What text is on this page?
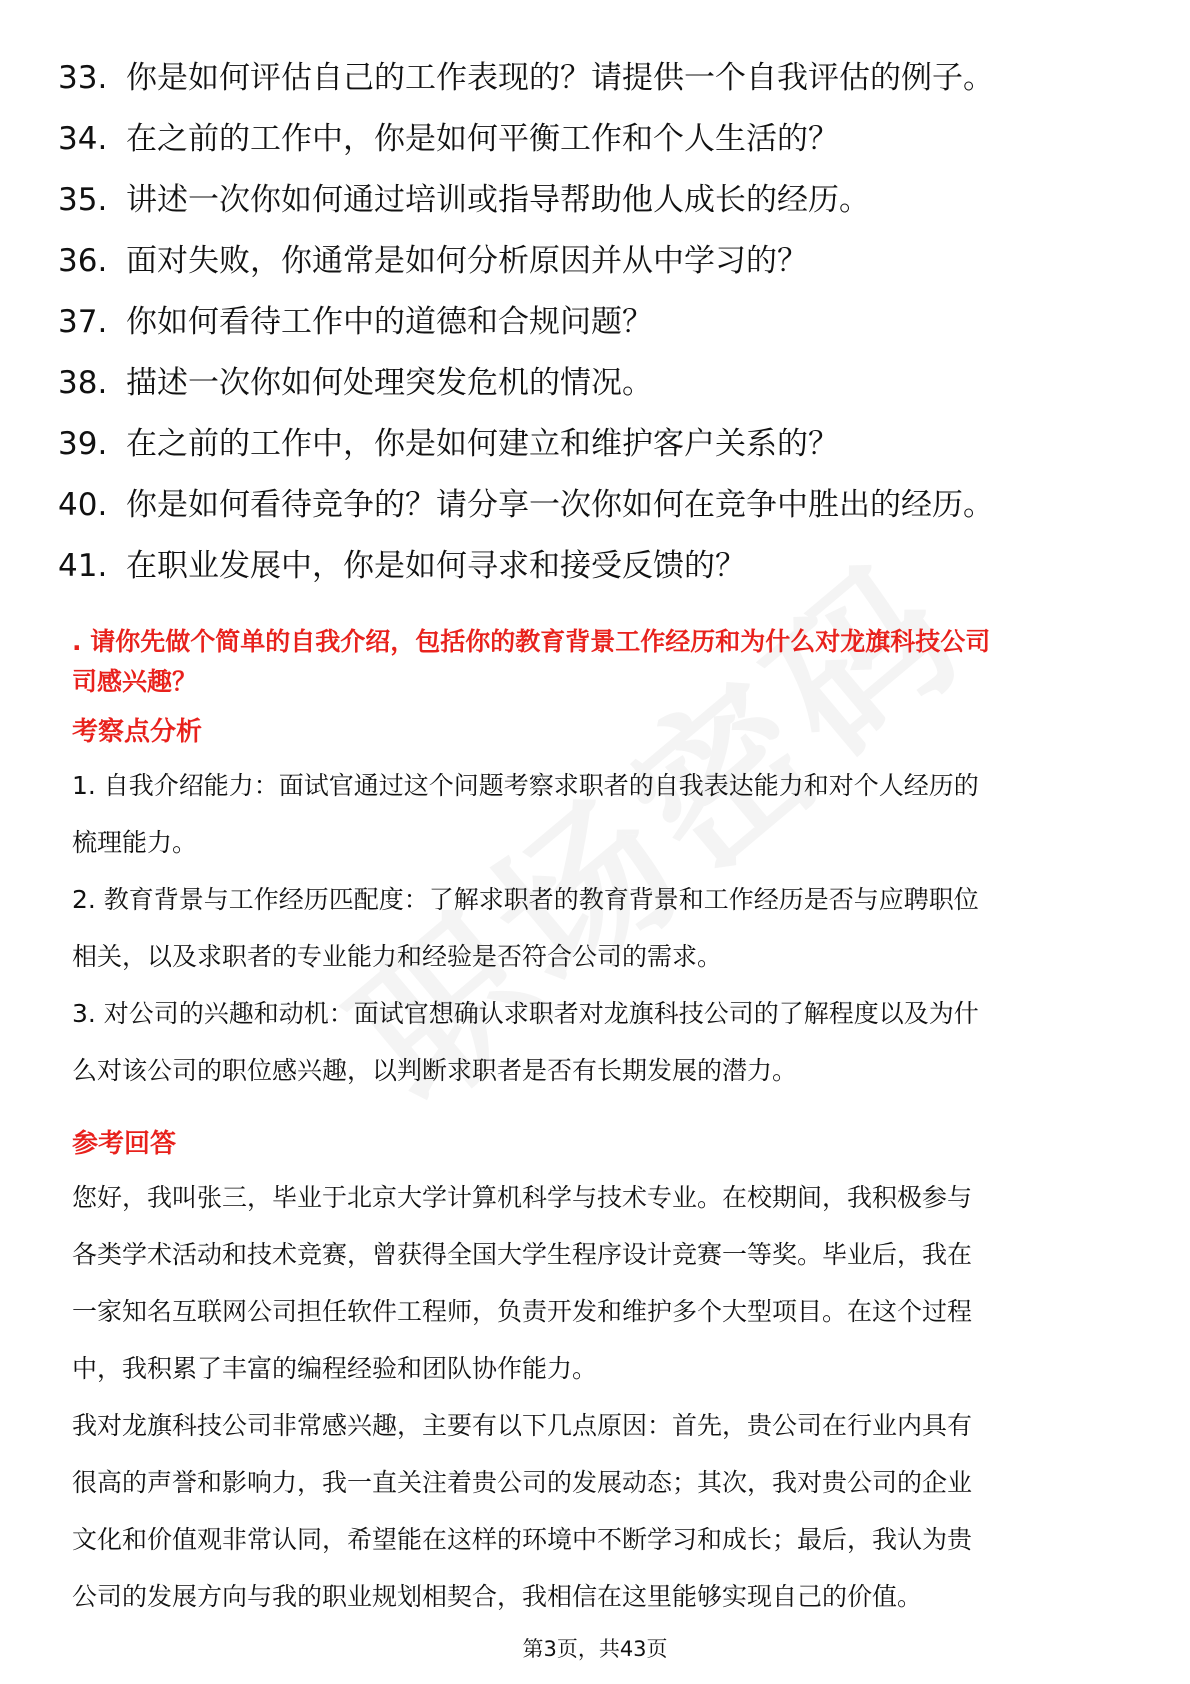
33. 你是如何评估自己的工作表现的？请提供一个自我评估的例子。
34. 在之前的工作中，你是如何平衡工作和个人生活的？
35. 讲述一次你如何通过培训或指导帮助他人成长的经历。
36. 面对失败，你通常是如何分析原因并从中学习的？
37. 你如何看待工作中的道德和合规问题？
38. 描述一次你如何处理突发危机的情况。
39. 在之前的工作中，你是如何建立和维护客户关系的？
40. 你是如何看待竞争的？请分享一次你如何在竞争中胜出的经历。
41. 在职业发展中，你是如何寻求和接受反馈的？
. 请你先做个简单的自我介绍，包括你的教育背景工作经历和为什么对龙旗科技公司
司感兴趣？
考察点分析
1. 自我介绍能力：面试官通过这个问题考察求职者的自我表达能力和对个人经历的
梳理能力。
2. 教育背景与工作经历匹配度：了解求职者的教育背景和工作经历是否与应聘职位
相关，以及求职者的专业能力和经验是否符合公司的需求。
3. 对公司的兴趣和动机：面试官想确认求职者对龙旗科技公司的了解程度以及为什
么对该公司的职位感兴趣，以判断求职者是否有长期发展的潜力。
参考回答
您好，我叫张三，毕业于北京大学计算机科学与技术专业。在校期间，我积极参与
各类学术活动和技术竞赛，曾获得全国大学生程序设计竞赛一等奖。毕业后，我在
一家知名互联网公司担任软件工程师，负责开发和维护多个大型项目。在这个过程
中，我积累了丰富的编程经验和团队协作能力。
我对龙旗科技公司非常感兴趣，主要有以下几点原因：首先，贵公司在行业内具有
很高的声誉和影响力，我一直关注着贵公司的发展动态；其次，我对贵公司的企业
文化和价值观非常认同，希望能在这样的环境中不断学习和成长；最后，我认为贵
公司的发展方向与我的职业规划相契合，我相信在这里能够实现自己的价值。
第3页，共43页
